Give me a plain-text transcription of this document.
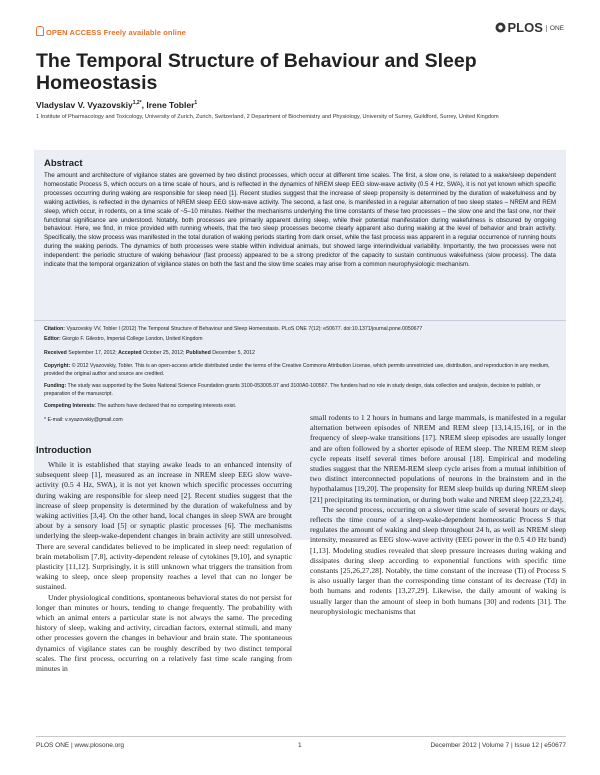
OPEN ACCESS Freely available online	PLOS ONE
The Temporal Structure of Behaviour and Sleep Homeostasis
Vladyslav V. Vyazovskiy$^{1,2*}$, Irene Tobler$^1$
1 Institute of Pharmacology and Toxicology, University of Zurich, Zurich, Switzerland, 2 Department of Biochemistry and Physiology, University of Surrey, Guildford, Surrey, United Kingdom
Abstract
The amount and architecture of vigilance states are governed by two distinct processes, which occur at different time scales. The first, a slow one, is related to a wake/sleep dependent homeostatic Process S, which occurs on a time scale of hours, and is reflected in the dynamics of NREM sleep EEG slow-wave activity (0.5 4 Hz, SWA), it is not yet known which specific processes occurring during waking are responsible for sleep need [1]. Recent studies suggest that the increase of sleep propensity is determined by the duration of wakefulness and by waking activities, is reflected in the dynamics of NREM sleep EEG slow-wave activity. The second, a fast one, is manifested in a regular alternation of two sleep states – NREM and REM sleep, which occur, in rodents, on a time scale of ~5–10 minutes. Neither the mechanisms underlying the time constants of these two processes – the slow one and the fast one, nor their functional significance are understood. Notably, both processes are primarily apparent during sleep, while their potential manifestation during wakefulness is obscured by ongoing behaviour. Here, we find, in mice provided with running wheels, that the two sleep processes become clearly apparent also during waking at the level of behavior and brain activity. Specifically, the slow process was manifested in the total duration of waking periods starting from dark onset, while the fast process was apparent in a regular occurrence of running bouts during the waking periods. The dynamics of both processes were stable within individual animals, but showed large interindividual variability. Importantly, the two processes were not independent: the periodic structure of waking behaviour (fast process) appeared to be a strong predictor of the capacity to sustain continuous wakefulness (slow process). The data indicate that the temporal organization of vigilance states on both the fast and the slow time scales may arise from a common neurophysiologic mechanism.
Citation: Vyazovskiy VV, Tobler I (2012) The Temporal Structure of Behaviour and Sleep Homeostasis. PLoS ONE 7(12): e50677. doi:10.1371/journal.pone.0050677
Editor: Giorgio F. Gilestro, Imperial College London, United Kingdom
Received September 17, 2012; Accepted October 25, 2012; Published December 5, 2012
Copyright: © 2012 Vyazovskiy, Tobler. This is an open-access article distributed under the terms of the Creative Commons Attribution License, which permits unrestricted use, distribution, and reproduction in any medium, provided the original author and source are credited.
Funding: The study was supported by the Swiss National Science Foundation grants 3100-053005.97 and 3100A0-100567. The funders had no role in study design, data collection and analysis, decision to publish, or preparation of the manuscript.
Competing Interests: The authors have declared that no competing interests exist.
* E-mail: v.vyazovskiy@gmail.com
Introduction

While it is established that staying awake leads to an enhanced intensity of subsequent sleep [1], measured as an increase in NREM sleep EEG slow wave-activity (0.5 4 Hz, SWA), it is not yet known which specific processes occurring during waking are responsible for sleep need [2]. Recent studies suggest that the increase of sleep propensity is determined by the duration of wakefulness and by waking activities [3,4]. On the other hand, local changes in sleep SWA are brought about by a sensory load [5] or synaptic plastic processes [6]. The mechanisms underlying the sleep-wake-dependent changes in brain activity are still unresolved. There are several candidates believed to be implicated in sleep need: regulation of brain metabolism [7,8], activity-dependent release of cytokines [9,10], and synaptic plasticity [11,12]. Surprisingly, it is still unknown what triggers the transition from waking to sleep, once sleep propensity reaches a level that can no longer be sustained.

Under physiological conditions, spontaneous behavioral states do not persist for longer than minutes or hours, tending to change frequently. The probability with which an animal enters a particular state is not always the same. The preceding history of sleep, waking and activity, circadian factors, external stimuli, and many other processes govern the changes in behaviour and brain state. The spontaneous dynamics of vigilance states can be roughly described by two distinct temporal scales. The first process, occurring on a relatively fast time scale ranging from minutes in

small rodents to 1 2 hours in humans and large mammals, is manifested in a regular alternation between episodes of NREM and REM sleep [13,14,15,16], or in the frequency of sleep-wake transitions [17]. NREM sleep episodes are usually longer and are often followed by a shorter episode of REM sleep. The NREM REM sleep cycle repeats itself several times before arousal [18]. Empirical and modeling studies suggest that the NREM-REM sleep cycle arises from a mutual inhibition of two distinct interconnected populations of neurons in the brainstem and in the hypothalamus [19,20]. The propensity for REM sleep builds up during NREM sleep [21] precipitating its termination, or during both wake and NREM sleep [22,23,24].

The second process, occurring on a slower time scale of several hours or days, reflects the time course of a sleep-wake-dependent homeostatic Process S that regulates the amount of waking and sleep throughout 24 h, as well as NREM sleep intensity, measured as EEG slow-wave activity (EEG power in the 0.5 4.0 Hz band) [1,13]. Modeling studies revealed that sleep pressure increases during waking and dissipates during sleep according to exponential functions with specific time constants [25,26,27,28]. Notably, the time constant of the increase (Ti) of Process S is also usually larger than the corresponding time constant of its decrease (Td) in both humans and rodents [13,27,29]. Likewise, the daily amount of waking is usually larger than the amount of sleep in both humans [30] and rodents [31]. The neurophysiologic mechanisms that

PLOS ONE | www.plosone.org	1	December 2012 | Volume 7 | Issue 12 | e50677
